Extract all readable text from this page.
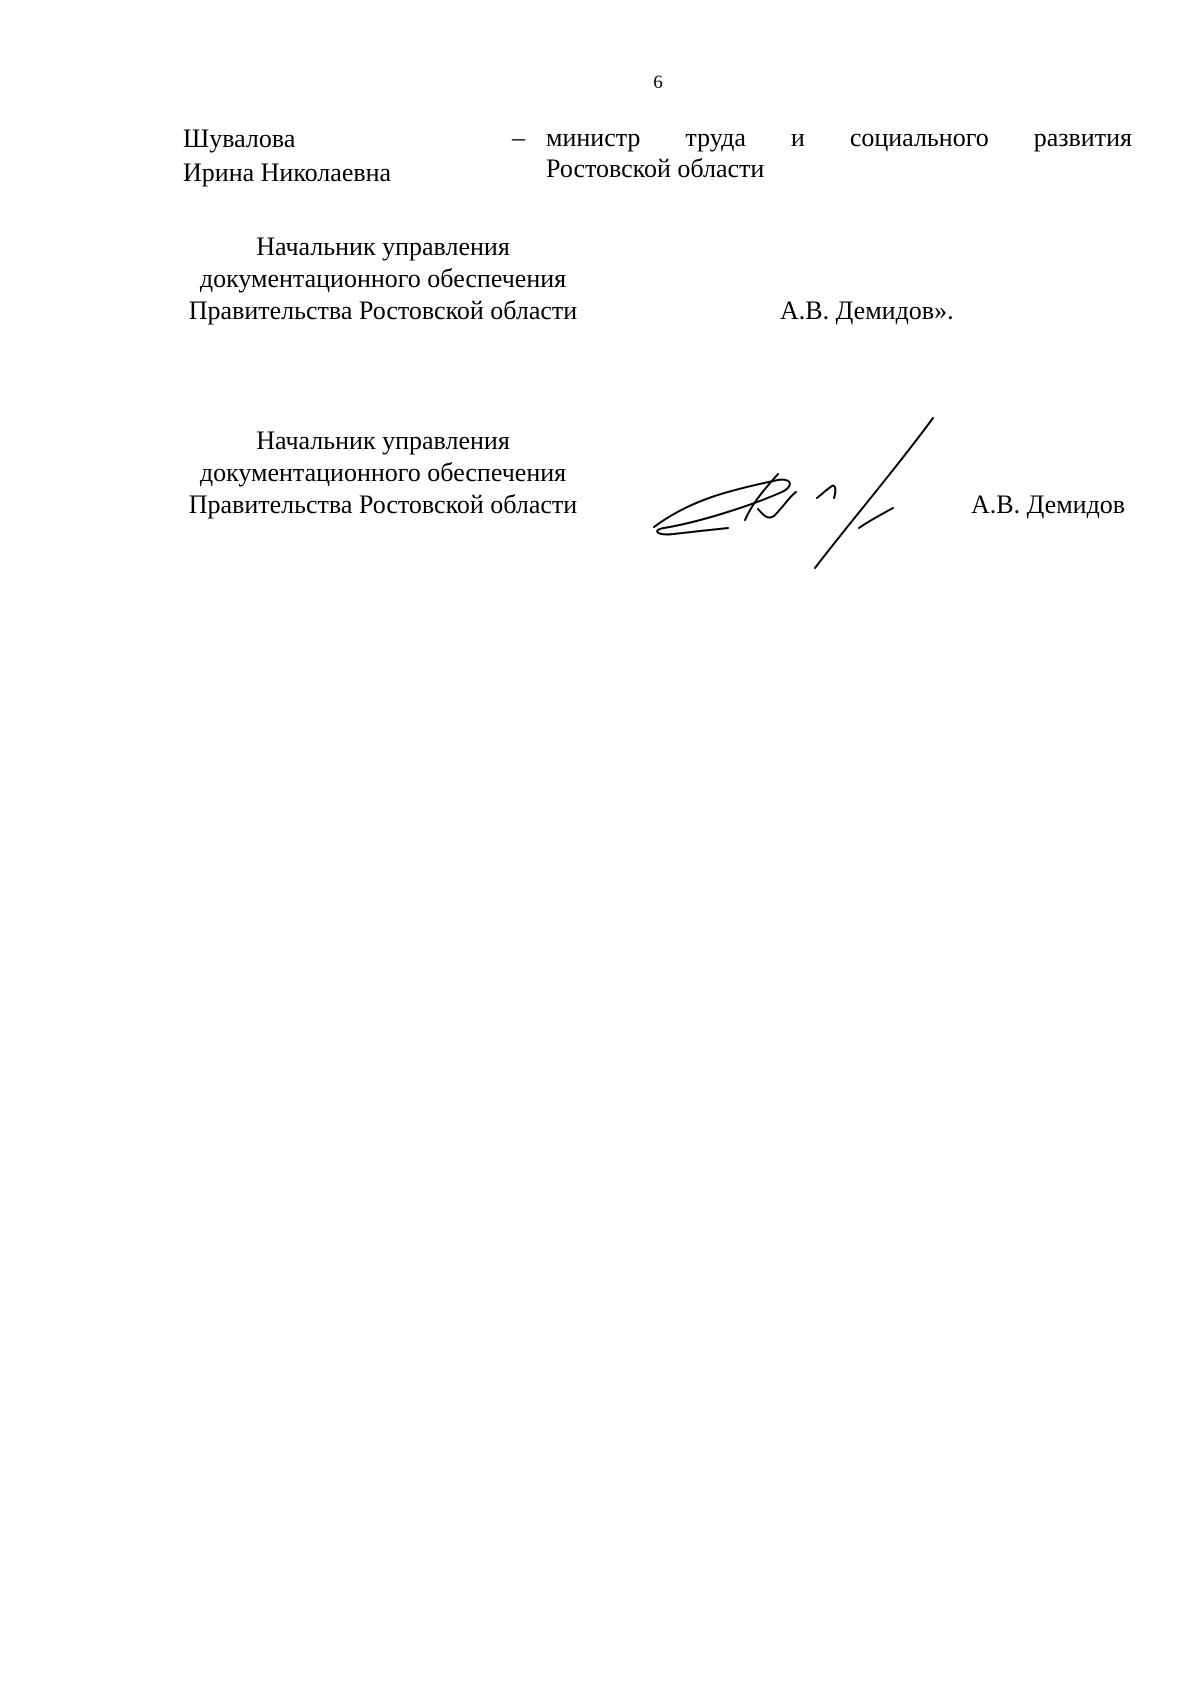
6
Шувалова
Ирина Николаевна
– министр труда и социального развития
Ростовской области
Начальник управления
документационного обеспечения
Правительства Ростовской области	А.В. Демидов».
Начальник управления
документационного обеспечения
Правительства Ростовской области	А.В. Демидов
